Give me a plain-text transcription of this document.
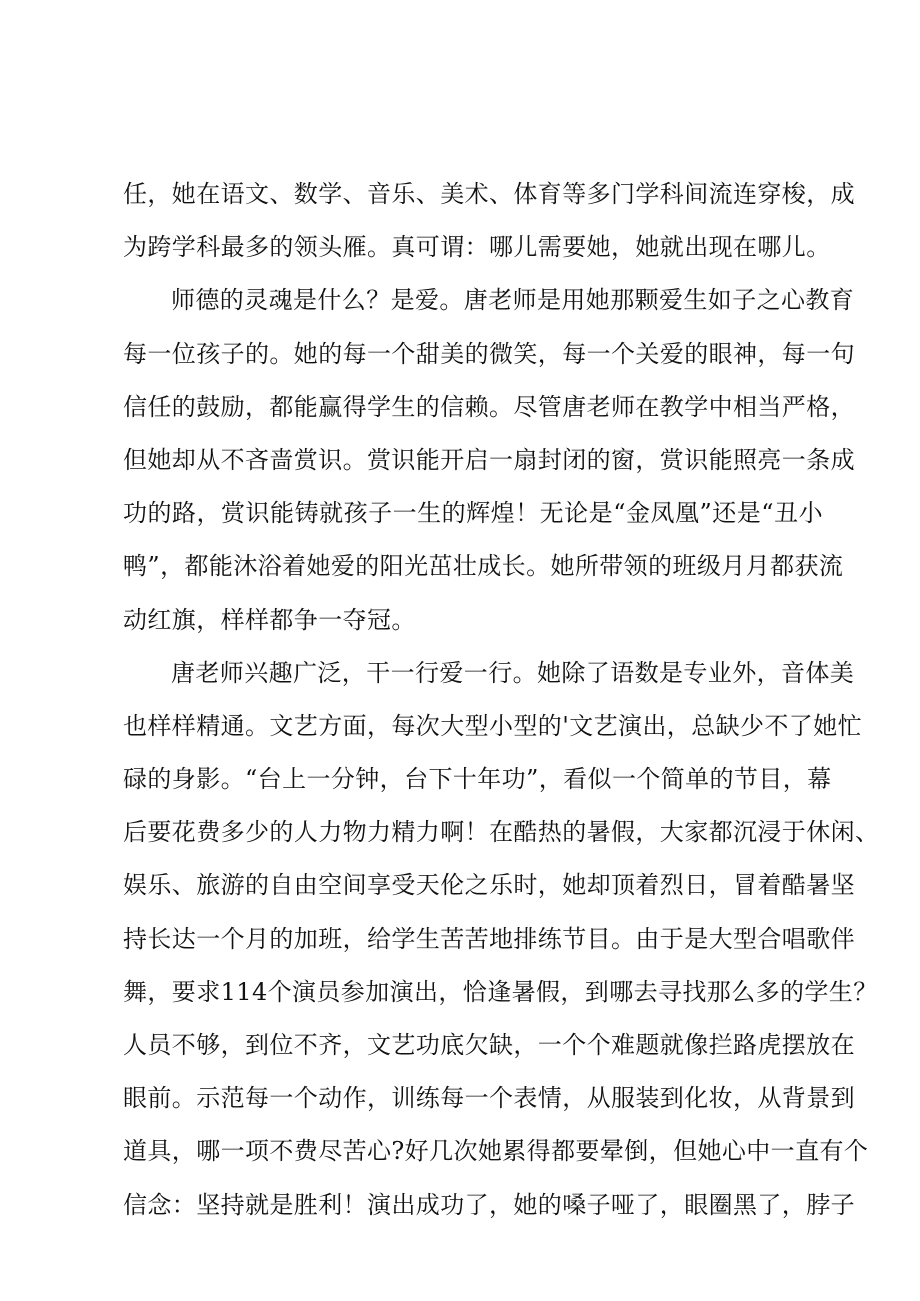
任，她在语文、数学、音乐、美术、体育等多门学科间流连穿梭，成
为跨学科最多的领头雁。真可谓：哪儿需要她，她就出现在哪儿。
师德的灵魂是什么？是爱。唐老师是用她那颗爱生如子之心教育
每一位孩子的。她的每一个甜美的微笑，每一个关爱的眼神，每一句
信任的鼓励，都能赢得学生的信赖。尽管唐老师在教学中相当严格，
但她却从不吝啬赏识。赏识能开启一扇封闭的窗，赏识能照亮一条成
功的路，赏识能铸就孩子一生的辉煌！无论是“金凤凰”还是“丑小
鸭”，都能沐浴着她爱的阳光茁壮成长。她所带领的班级月月都获流
动红旗，样样都争一夺冠。
唐老师兴趣广泛，干一行爱一行。她除了语数是专业外，音体美
也样样精通。文艺方面，每次大型小型的'文艺演出，总缺少不了她忙
碌的身影。“台上一分钟，台下十年功”，看似一个简单的节目，幕
后要花费多少的人力物力精力啊！在酷热的暑假，大家都沉浸于休闲、
娱乐、旅游的自由空间享受天伦之乐时，她却顶着烈日，冒着酷暑坚
持长达一个月的加班，给学生苦苦地排练节目。由于是大型合唱歌伴
舞，要求114个演员参加演出，恰逢暑假，到哪去寻找那么多的学生？
人员不够，到位不齐，文艺功底欠缺，一个个难题就像拦路虎摆放在
眼前。示范每一个动作，训练每一个表情，从服装到化妆，从背景到
道具，哪一项不费尽苦心?好几次她累得都要晕倒，但她心中一直有个
信念：坚持就是胜利！演出成功了，她的嗓子哑了，眼圈黑了，脖子
